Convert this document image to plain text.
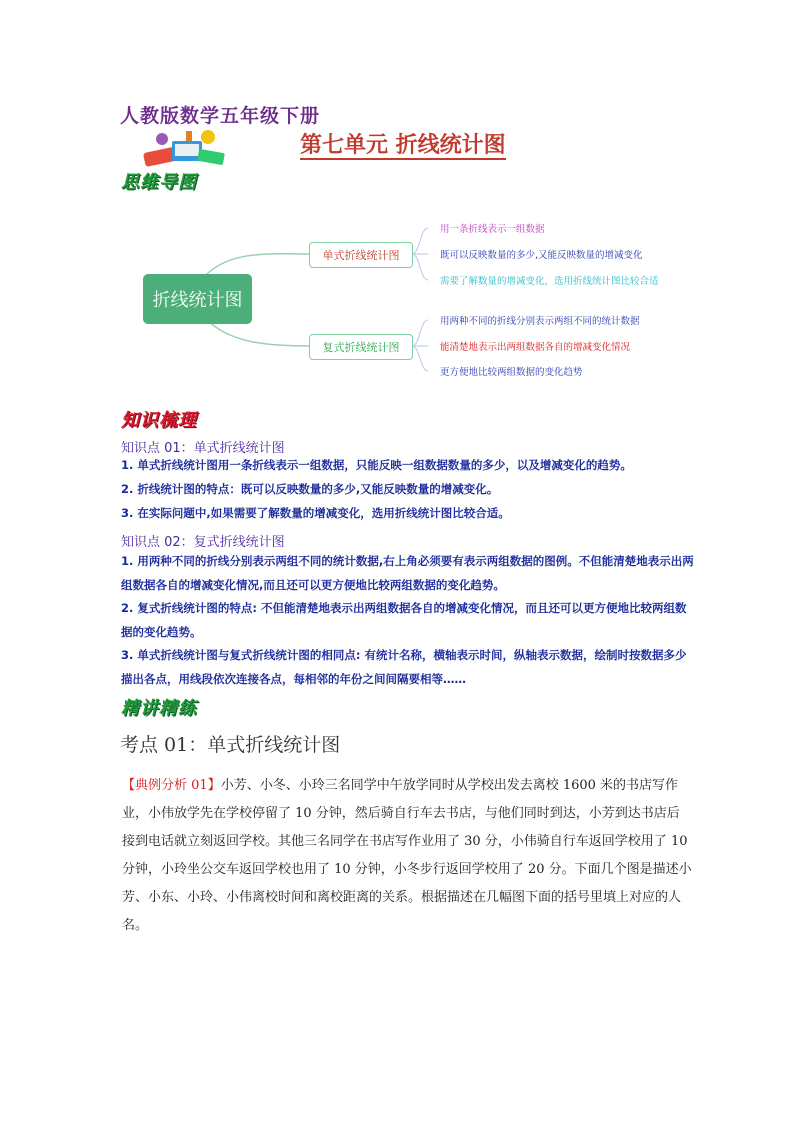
人教版数学五年级下册
第七单元 折线统计图
思维导图
折线统计图
单式折线统计图
复式折线统计图
用一条折线表示一组数据
既可以反映数量的多少,又能反映数量的增减变化
需要了解数量的增减变化，选用折线统计图比较合适
用两种不同的折线分别表示两组不同的统计数据
能清楚地表示出两组数据各自的增减变化情况
更方便地比较两组数据的变化趋势
知识梳理
知识点 01：单式折线统计图
1. 单式折线统计图用一条折线表示一组数据，只能反映一组数据数量的多少，以及增减变化的趋势。
2. 折线统计图的特点：既可以反映数量的多少,又能反映数量的增减变化。
3. 在实际问题中,如果需要了解数量的增减变化，选用折线统计图比较合适。
知识点 02：复式折线统计图
1. 用两种不同的折线分别表示两组不同的统计数据,右上角必须要有表示两组数据的图例。不但能清楚地表示出两组数据各自的增减变化情况,而且还可以更方便地比较两组数据的变化趋势。
2. 复式折线统计图的特点: 不但能清楚地表示出两组数据各自的增减变化情况，而且还可以更方便地比较两组数据的变化趋势。
3. 单式折线统计图与复式折线统计图的相同点: 有统计名称，横轴表示时间，纵轴表示数据，绘制时按数据多少描出各点，用线段依次连接各点，每相邻的年份之间间隔要相等……
精讲精练
考点 01：单式折线统计图
【典例分析 01】小芳、小冬、小玲三名同学中午放学同时从学校出发去离校 1600 米的书店写作业，小伟放学先在学校停留了 10 分钟，然后骑自行车去书店，与他们同时到达，小芳到达书店后接到电话就立刻返回学校。其他三名同学在书店写作业用了 30 分，小伟骑自行车返回学校用了 10 分钟，小玲坐公交车返回学校也用了 10 分钟，小冬步行返回学校用了 20 分。下面几个图是描述小芳、小东、小玲、小伟离校时间和离校距离的关系。根据描述在几幅图下面的括号里填上对应的人名。
